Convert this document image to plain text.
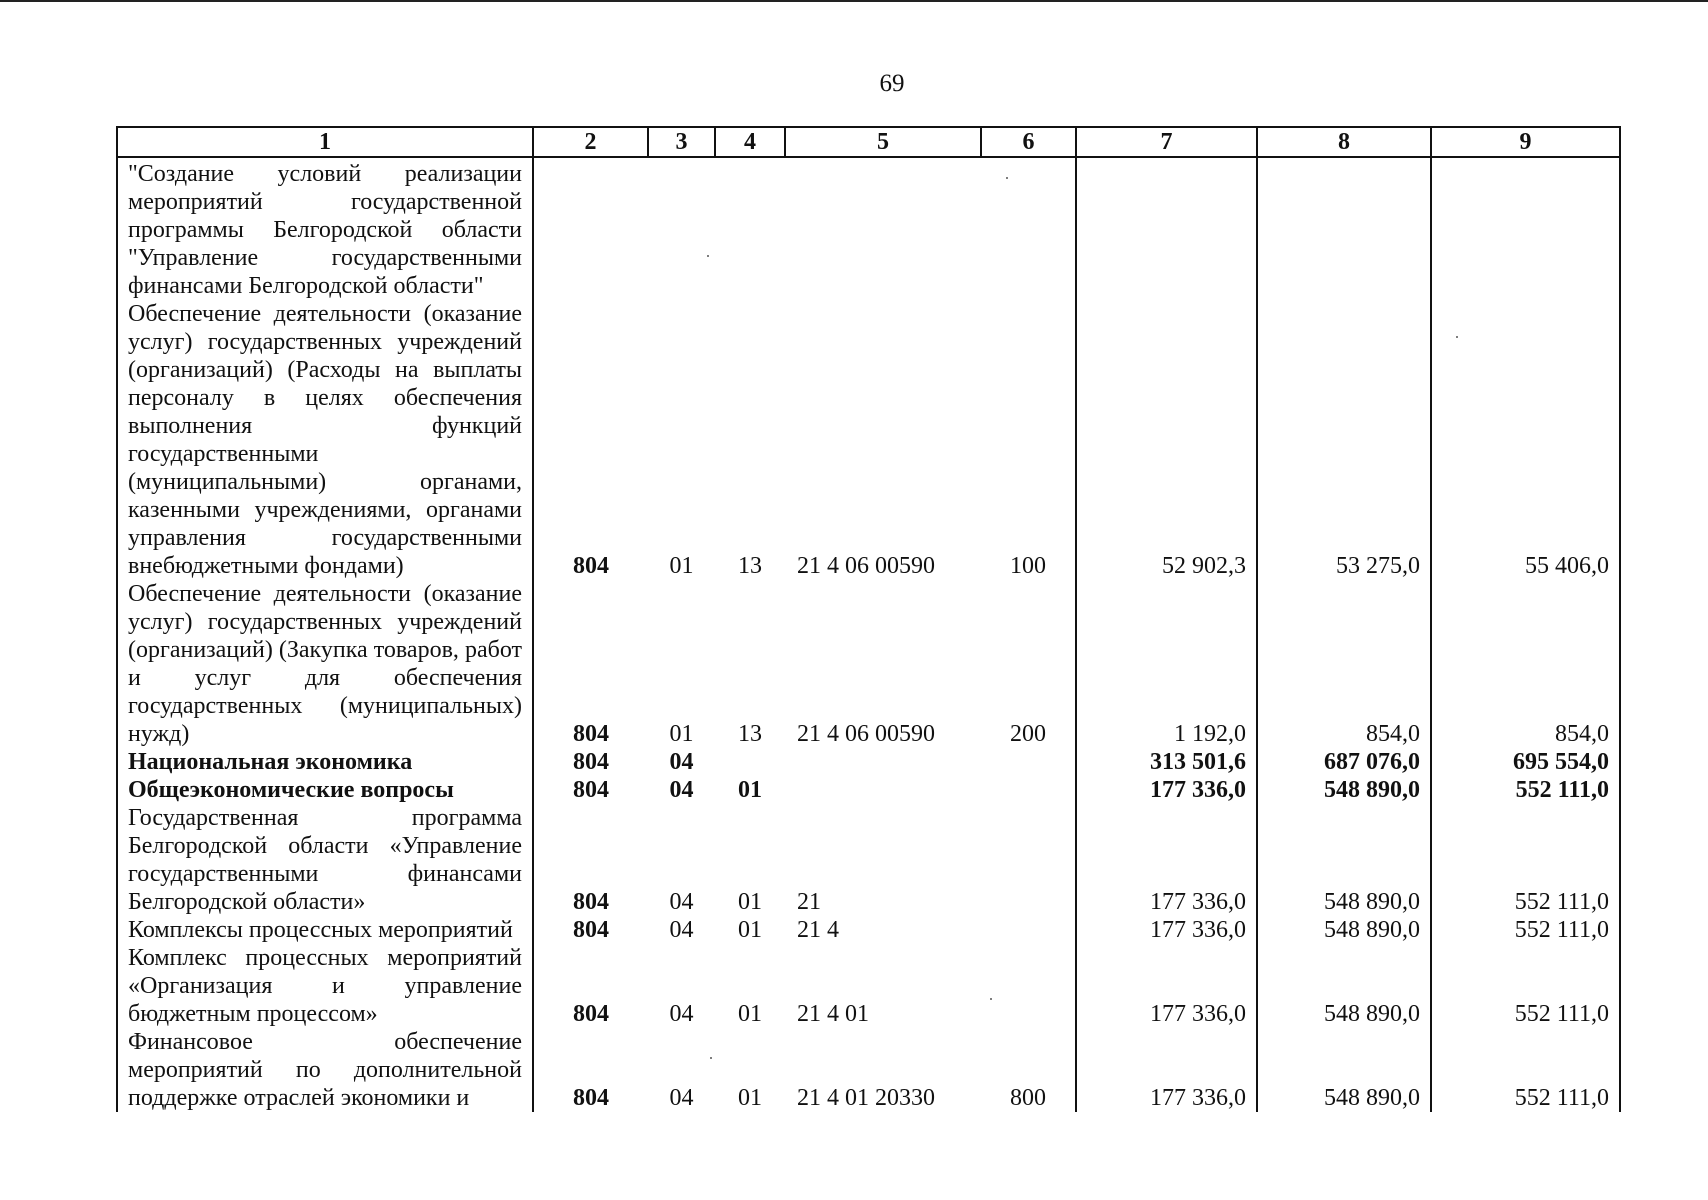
69
1	2	3	4	5	6	7	8	9
"Создание условий реализации мероприятий государственной программы Белгородской области "Управление государственными финансами Белгородской области"								
Обеспечение деятельности (оказание услуг) государственных учреждений (организаций) (Расходы на выплаты персоналу в целях обеспечения выполнения функций государственными (муниципальными) органами, казенными учреждениями, органами управления государственными внебюджетными фондами)	804	01	13	21 4 06 00590	100	52 902,3	53 275,0	55 406,0
Обеспечение деятельности (оказание услуг) государственных учреждений (организаций) (Закупка товаров, работ и услуг для обеспечения государственных (муниципальных) нужд)	804	01	13	21 4 06 00590	200	1 192,0	854,0	854,0
Национальная экономика	804	04				313 501,6	687 076,0	695 554,0
Общеэкономические вопросы	804	04	01			177 336,0	548 890,0	552 111,0
Государственная программа Белгородской области «Управление государственными финансами Белгородской области»	804	04	01	21		177 336,0	548 890,0	552 111,0
Комплексы процессных мероприятий	804	04	01	21 4		177 336,0	548 890,0	552 111,0
Комплекс процессных мероприятий «Организация и управление бюджетным процессом»	804	04	01	21 4 01		177 336,0	548 890,0	552 111,0
Финансовое обеспечение мероприятий по дополнительной поддержке отраслей экономики и	804	04	01	21 4 01 20330	800	177 336,0	548 890,0	552 111,0
